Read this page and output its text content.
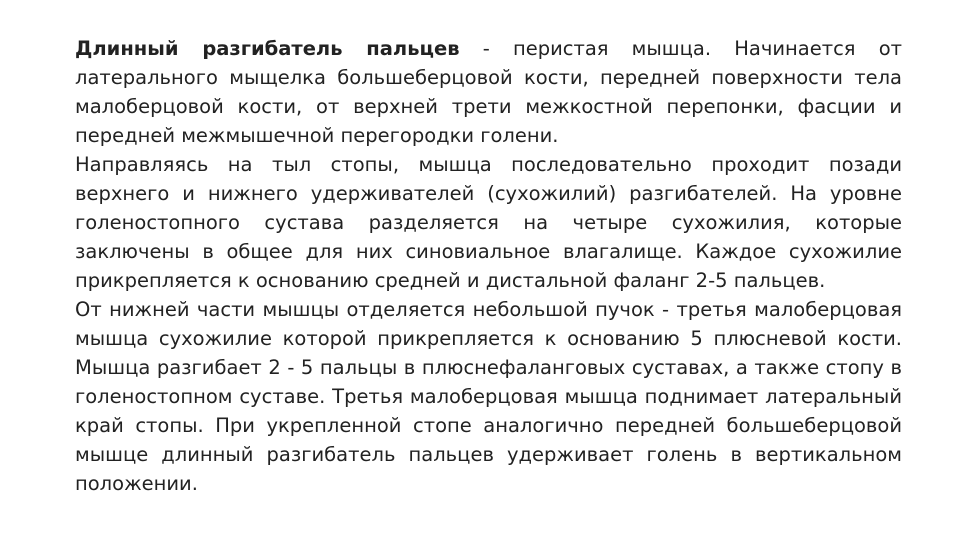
Длинный разгибатель пальцев - перистая мышца. Начинается от латерального мыщелка большеберцовой кости, передней поверхности тела малоберцовой кости, от верхней трети межкостной перепонки, фасции и передней межмышечной перегородки голени.

Направляясь на тыл стопы, мышца последовательно проходит позади верхнего и нижнего удерживателей (сухожилий) разгибателей. На уровне голеностопного сустава разделяется на четыре сухожилия, которые заключены в общее для них синовиальное влагалище. Каждое сухожилие прикрепляется к основанию средней и дистальной фаланг 2-5 пальцев.

От нижней части мышцы отделяется небольшой пучок - третья малоберцовая мышца сухожилие которой прикрепляется к основанию 5 плюсневой кости. Мышца разгибает 2 - 5 пальцы в плюснефаланговых суставах, а также стопу в голеностопном суставе. Третья малоберцовая мышца поднимает латеральный край стопы. При укрепленной стопе аналогично передней большеберцовой мышце длинный разгибатель пальцев удерживает голень в вертикальном положении.
